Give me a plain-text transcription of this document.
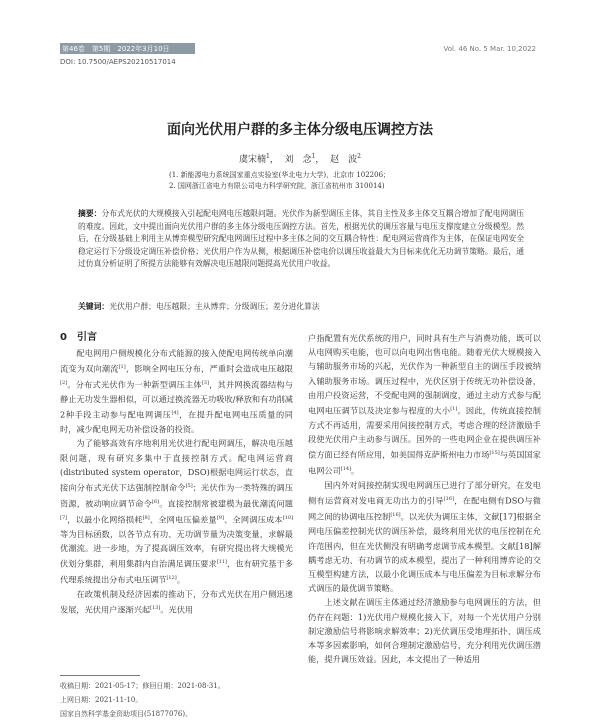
第46卷　第5期　2022年3月10日	Vol. 46 No. 5 Mar. 10,2022
DOI: 10.7500/AEPS20210517014
面向光伏用户群的多主体分级电压调控方法
虞宋楠$^1$，  刘　念$^1$，  赵　波$^2$
(1. 新能源电力系统国家重点实验室(华北电力大学)，北京市 102206；
2. 国网浙江省电力有限公司电力科学研究院，浙江省杭州市 310014)
摘要：分布式光伏的大规模接入引起配电网电压越限问题。光伏作为新型调压主体，其自主性及多主体交互耦合增加了配电网调压的难度。因此，文中提出面向光伏用户群的多主体分级电压调控方法。首先，根据光伏的调压容量与电压支撑度建立分级模型。然后，在分级基础上利用主从博弈模型研究配电网调压过程中多主体之间的交互耦合特性：配电网运营商作为主体，在保证电网安全稳定运行下分级设定调压补偿价格；光伏用户作为从侧，根据调压补偿电价以调压收益最大为目标来优化无功调节策略。最后，通过仿真分析证明了所提方法能够有效解决电压越限问题提高光伏用户收益。
关键词：光伏用户群；电压越限；主从博弈；分级调压；差分进化算法
0　引言

配电网用户侧规模化分布式能源的接入使配电网传统单向潮流变为双向潮流[1]，影响全网电压分布，严重时会造成电压越限[2]。分布式光伏作为一种新型调压主体[3]，其并网换流器结构与静止无功发生器相似，可以通过换流器无功吸收/释放和有功削减2种手段主动参与配电网调压[4]，在提升配电网电压质量的同时，减少配电网无功补偿设备的投资。

为了能够高效有序地利用光伏进行配电网调压，解决电压越限问题，现有研究多集中于直接控制方式。配电网运营商(distributed system operator，DSO)根据电网运行状态，直接向分布式光伏下达强制控制命令[5]；光伏作为一类特殊的调压资源，被动响应调节命令[6]。直接控制常被建模为最优潮流问题[7]，以最小化网络损耗[8]、全网电压偏差量[9]、全网调压成本[10]等为目标函数，以各节点有功、无功调节量为决策变量，求解最优潮流。进一步地，为了提高调压效率，有研究提出将大规模光伏划分集群，利用集群内自治满足调压要求[11]，也有研究基于多代理系统提出分布式电压调节[12]。

在政策机制及经济因素的推动下，分布式光伏在用户侧迅速发展，光伏用户逐渐兴起[13]。光伏用

户指配置有光伏系统的用户，同时具有生产与消费功能，既可以从电网购买电能，也可以向电网出售电能。随着光伏大规模接入与辅助服务市场的兴起，光伏作为一种新型自主的调压手段被纳入辅助服务市场。调压过程中，光伏区别于传统无功补偿设备，由用户投资运营，不受配电网的强制调度，通过主动方式参与配电网电压调节以及决定参与程度的大小[1]。因此，传统直接控制方式不再适用，需要采用间接控制方式，考虑合理的经济激励手段使光伏用户主动参与调压。国外的一些电网企业在提供调压补偿方面已经有所应用，如美国得克萨斯州电力市场[15]与英国国家电网公司[14]。

国内外对间接控制实现电网调压已进行了部分研究，在发电侧有运营商对发电商无功出力的引导[16]，在配电侧有DSO与微网之间的协调电压控制[16]。以光伏为调压主体，文献[17]根据全网电压偏差控制光伏的调压补偿，最终利用光伏的电压控制在允许范围内，但在光伏侧没有明确考虑调节成本模型。文献[18]解耦考虑无功、有功调节的成本模型，提出了一种利用博弈论的交互模型构建方法，以最小化调压成本与电压偏差为目标求解分布式调压的最优调节策略。

上述文献在调压主体通过经济激励参与电网调压的方法，但仍存在问题：1)光伏用户规模化接入下，对每一个光伏用户分别制定激励信号将影响求解效率；2)光伏调压受地理拓扑、调压成本等多因素影响，如何合理制定激励信号，充分利用光伏调压潜能，提升调压效益。因此，本文提出了一种适用

收稿日期：2021-05-17；修回日期：2021-08-31。
上网日期：2021-11-10。
国家自然科学基金资助项目(51877076)。
